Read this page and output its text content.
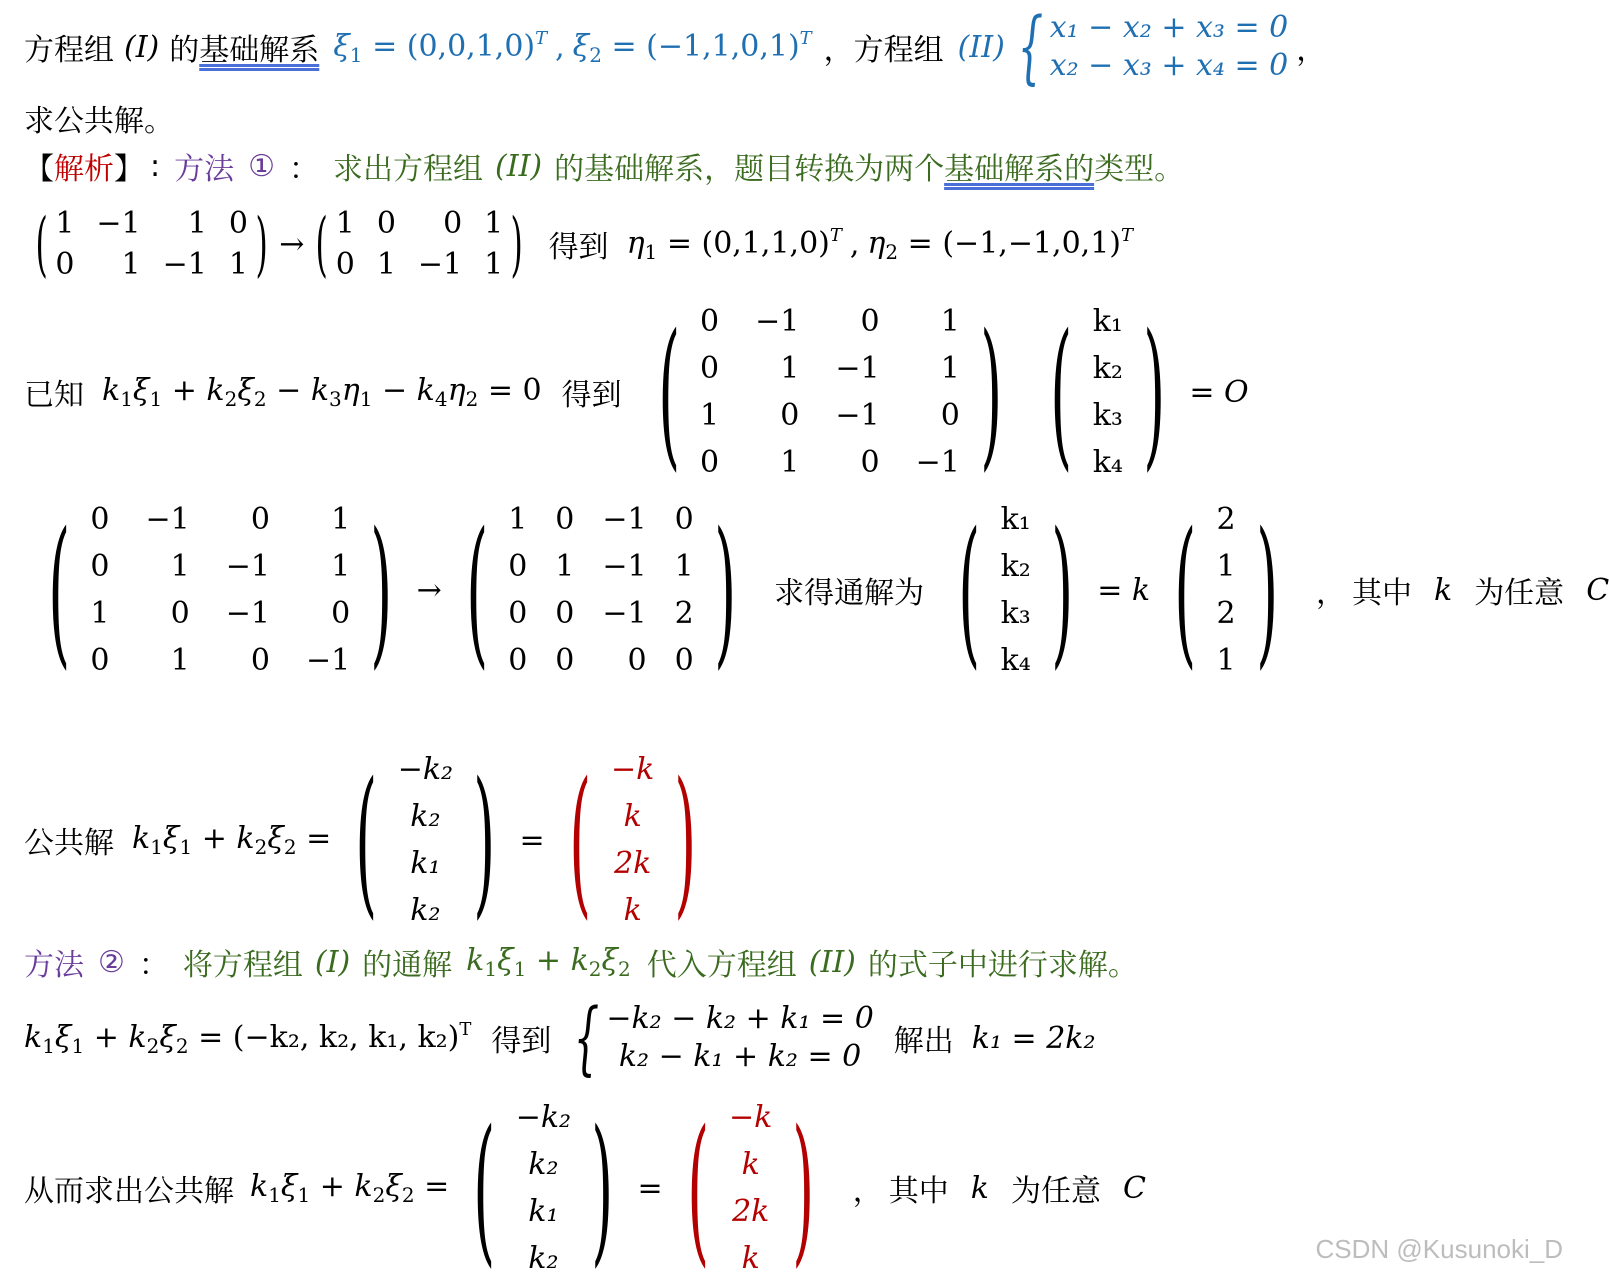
方程组 (I) 的 基础解系 $\xi_1 = (0,0,1,0)^T$ , $\xi_2 = (-1,1,0,1)^T$ ，方程组 (II) { x₁ − x₂ + x₃ = 0
x₂ − x₃ + x₄ = 0 ，
求公共解。
【 解析 】 : 方法 ① ： 求出方程组 (II) 的基础解系，题目转换为两个 基础解系的 类型。
( 1 −1 1 0
0 1 −1 1 ) → ( 1 0 0 1
0 1 −1 1 ) 得到 $\eta_1 = (0,1,1,0)^T$ , $\eta_2 = (-1,-1,0,1)^T$
已知 $k_1\xi_1 + k_2\xi_2 - k_3\eta_1 - k_4\eta_2 = 0$ 得到 ( 0 −1 0 1
0 1 −1 1
1 0 −1 0
0 1 0 −1 ) ( k₁
k₂
k₃
k₄ ) = O
( 0 −1 0 1
0 1 −1 1
1 0 −1 0
0 1 0 −1 ) → ( 1 0 −1 0
0 1 −1 1
0 0 −1 2
0 0 0 0 ) 求得通解为 ( k₁
k₂
k₃
k₄ ) = k ( 2
1
2
1 ) ， 其中 k 为任意 C
公共解 $k_1\xi_1 + k_2\xi_2$ = ( −k₂
k₂
k₁
k₂ ) = ( −k
k
2k
k )
方法 ② ： 将方程组 (I) 的通解 $k_1\xi_1 + k_2\xi_2$ 代入方程组 (II) 的式子中进行求解。
$k_1\xi_1 + k_2\xi_2 = (-k_2$, k₂, k₁, k₂)$^T$ 得到 { −k₂ − k₂ + k₁ = 0
k₂ − k₁ + k₂ = 0 解出 k₁ = 2k₂
从而求出公共解 $k_1\xi_1 + k_2\xi_2$ = ( −k₂
k₂
k₁
k₂ ) = ( −k
k
2k
k ) ， 其中 k 为任意 C
CSDN @Kusunoki_D
